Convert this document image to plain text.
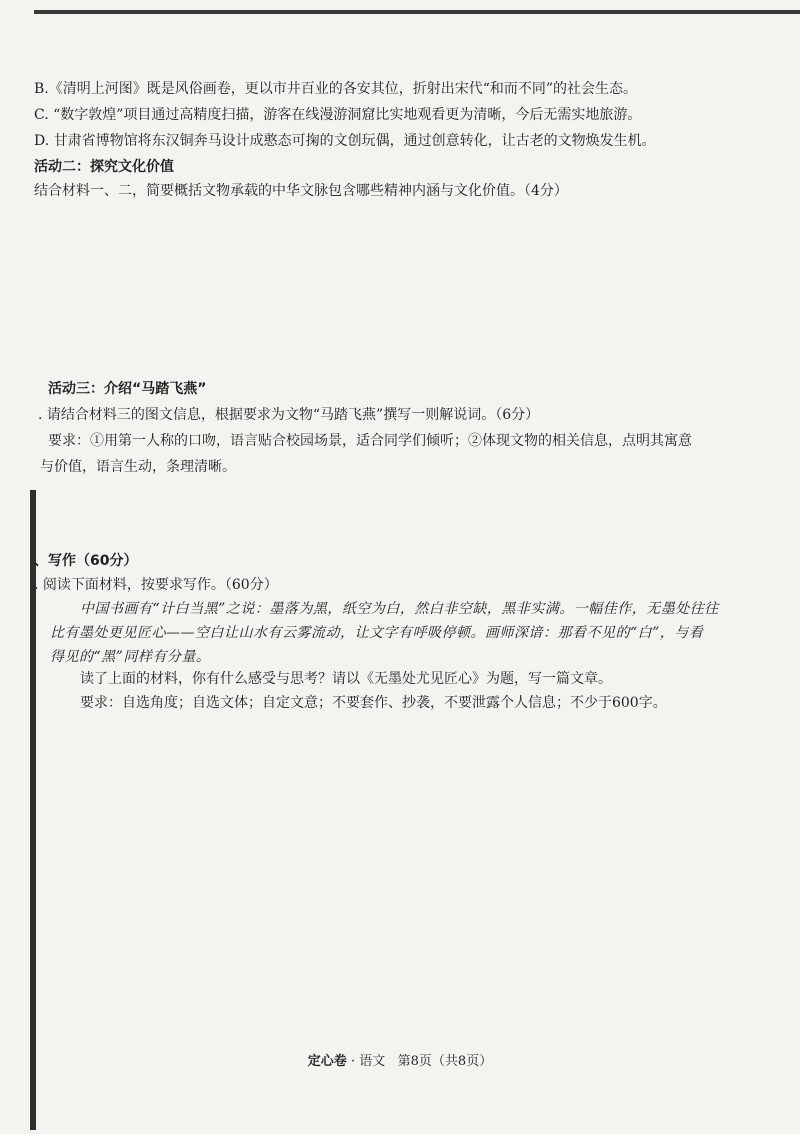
B.《清明上河图》既是风俗画卷，更以市井百业的各安其位，折射出宋代“和而不同”的社会生态。
C. “数字敦煌”项目通过高精度扫描，游客在线漫游洞窟比实地观看更为清晰，今后无需实地旅游。
D. 甘肃省博物馆将东汉铜奔马设计成憨态可掬的文创玩偶，通过创意转化，让古老的文物焕发生机。
活动二：探究文化价值
结合材料一、二，简要概括文物承载的中华文脉包含哪些精神内涵与文化价值。（4分）
活动三：介绍“马踏飞燕”
. 请结合材料三的图文信息，根据要求为文物“马踏飞燕”撰写一则解说词。（6分）
要求：①用第一人称的口吻，语言贴合校园场景，适合同学们倾听；②体现文物的相关信息，点明其寓意
与价值，语言生动，条理清晰。
、写作（60分）
. 阅读下面材料，按要求写作。（60分）
中国书画有“计白当黑”之说：墨落为黑，纸空为白，然白非空缺，黑非实满。一幅佳作，无墨处往往
比有墨处更见匠心——空白让山水有云雾流动，让文字有呼吸停顿。画师深谙：那看不见的“白”，与看
得见的“黑”同样有分量。
读了上面的材料，你有什么感受与思考？请以《无墨处尤见匠心》为题，写一篇文章。
要求：自选角度；自选文体；自定文意；不要套作、抄袭，不要泄露个人信息；不少于600字。
定心卷 · 语文 第8页（共8页）
